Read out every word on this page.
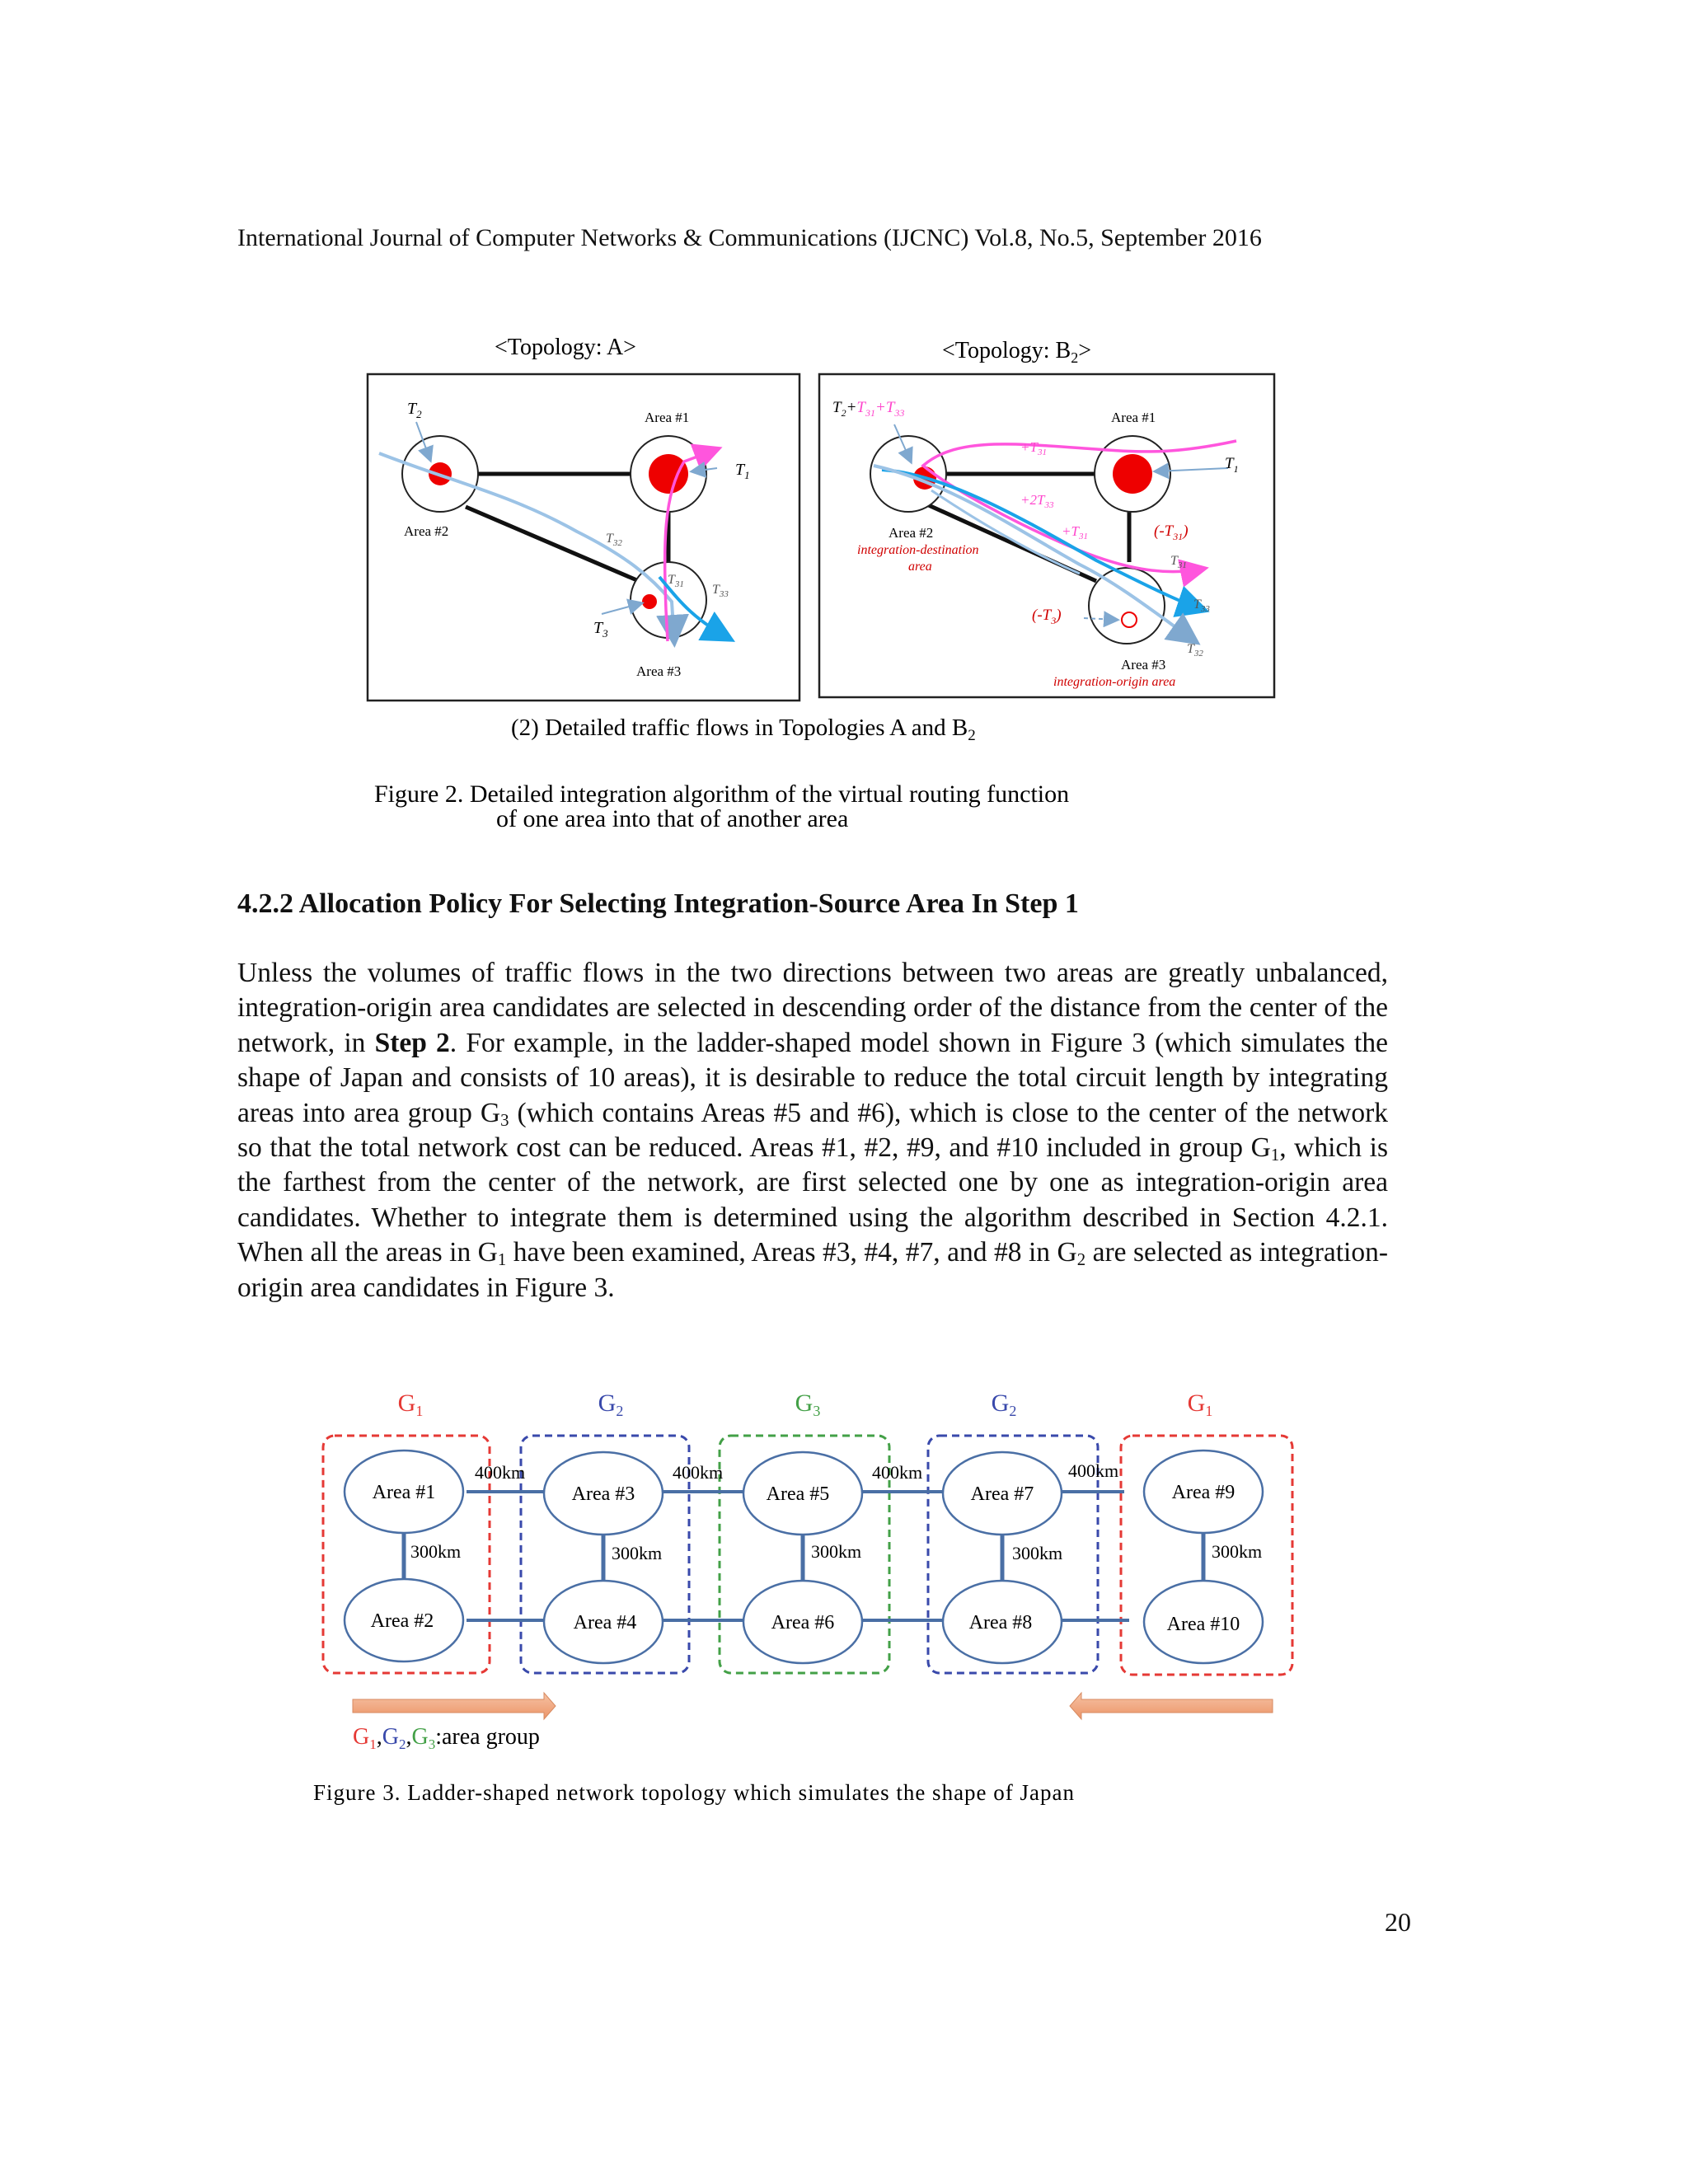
International Journal of Computer Networks & Communications (IJCNC) Vol.8, No.5, September 2016
<Topology: A>
Area #1
Area #2
Area #3
$T_1$
$T_2$
$T_3$
$T_{31}$
$T_{32}$
$T_{33}$
<Topology: $B_2>$
$T_2+T_{31}+T_{33}$	Area #1
Area #2
integration-destination
area
Area #3
integration-origin area
$+T_{31}$
$+2T_{33}$
$+T_{31}$	$(-T_{31})$
$(-T_3)$
$T_1$
$T_{31}$
$T_{33}$
$T_{32}$
(2) Detailed traffic flows in Topologies A and $B_2$
Figure 2. Detailed integration algorithm of the virtual routing function
of one area into that of another area
4.2.2 Allocation Policy For Selecting Integration-Source Area In Step 1
Unless the volumes of traffic flows in the two directions between two areas are greatly unbalanced, integration-origin area candidates are selected in descending order of the distance from the center of the network, in Step 2. For example, in the ladder-shaped model shown in Figure 3 (which simulates the shape of Japan and consists of 10 areas), it is desirable to reduce the total circuit length by integrating areas into area group $G_3$ (which contains Areas #5 and #6), which is close to the center of the network so that the total network cost can be reduced. Areas #1, #2, #9, and #10 included in group $G_1$, which is the farthest from the center of the network, are first selected one by one as integration-origin area candidates. Whether to integrate them is determined using the algorithm described in Section 4.2.1. When all the areas in $G_1$ have been examined, Areas #3, #4, #7, and #8 in $G_2$ are selected as integration-origin area candidates in Figure 3.
$G_1$	$G_2$	$G_3$	$G_2$	$G_1$
Area #1	Area #3	Area #5	Area #7	Area #9
Area #2	Area #4	Area #6	Area #8	Area #10
400km	400km	400km	400km
300km	300km	300km	300km	300km
$G_1,G_2,G_3:area$ group
Figure 3. Ladder-shaped network topology which simulates the shape of Japan
20
